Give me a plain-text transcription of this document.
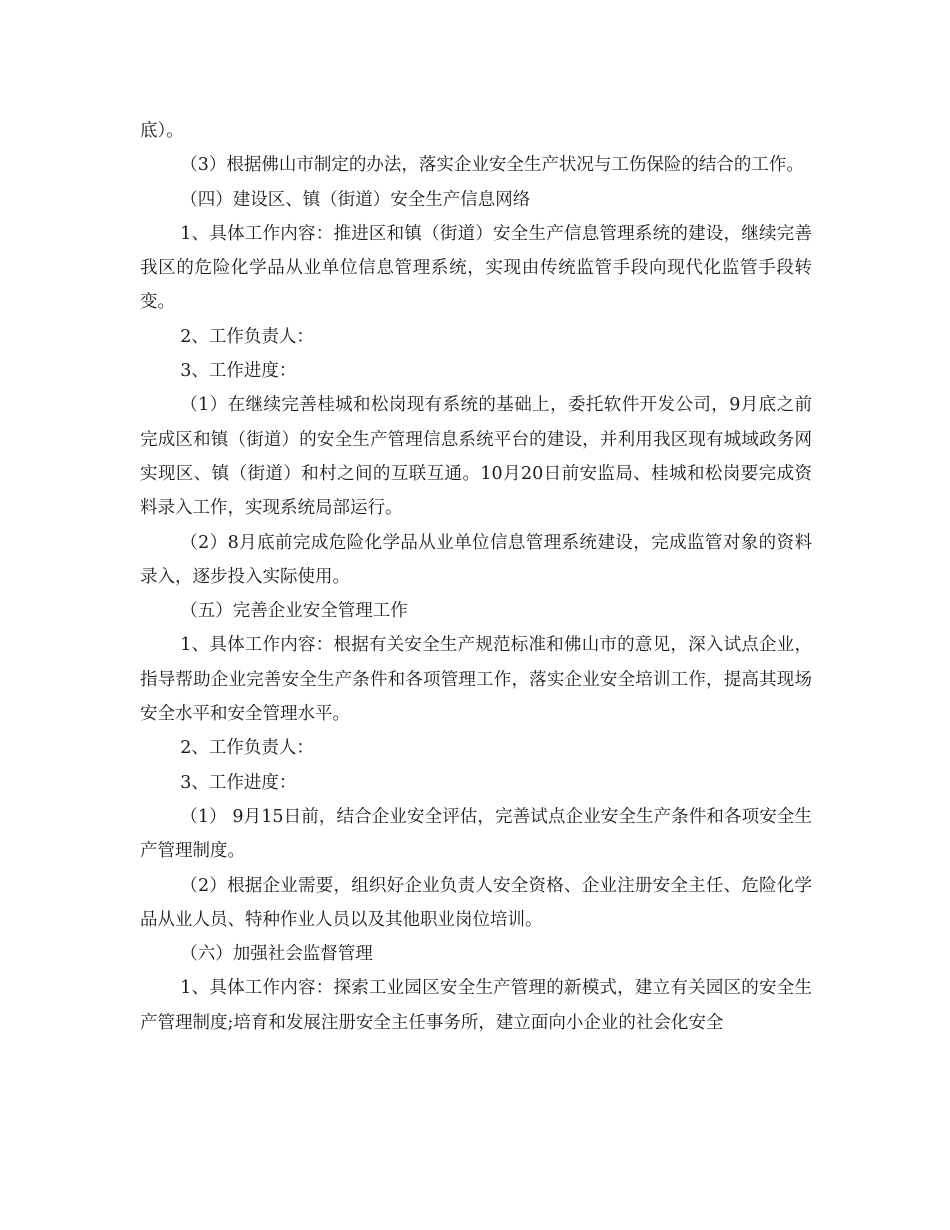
底）。

（3）根据佛山市制定的办法，落实企业安全生产状况与工伤保险的结合的工作。

（四）建设区、镇（街道）安全生产信息网络

1、具体工作内容：推进区和镇（街道）安全生产信息管理系统的建设，继续完善我区的危险化学品从业单位信息管理系统，实现由传统监管手段向现代化监管手段转变。

2、工作负责人：

3、工作进度：

（1）在继续完善桂城和松岗现有系统的基础上，委托软件开发公司，9月底之前完成区和镇（街道）的安全生产管理信息系统平台的建设，并利用我区现有城域政务网实现区、镇（街道）和村之间的互联互通。10月20日前安监局、桂城和松岗要完成资料录入工作，实现系统局部运行。

（2）8月底前完成危险化学品从业单位信息管理系统建设，完成监管对象的资料录入，逐步投入实际使用。

（五）完善企业安全管理工作

1、具体工作内容：根据有关安全生产规范标准和佛山市的意见，深入试点企业，指导帮助企业完善安全生产条件和各项管理工作，落实企业安全培训工作，提高其现场安全水平和安全管理水平。

2、工作负责人：

3、工作进度：

（1） 9月15日前，结合企业安全评估，完善试点企业安全生产条件和各项安全生产管理制度。

（2）根据企业需要，组织好企业负责人安全资格、企业注册安全主任、危险化学品从业人员、特种作业人员以及其他职业岗位培训。

（六）加强社会监督管理

1、具体工作内容：探索工业园区安全生产管理的新模式，建立有关园区的安全生产管理制度;培育和发展注册安全主任事务所，建立面向小企业的社会化安全
